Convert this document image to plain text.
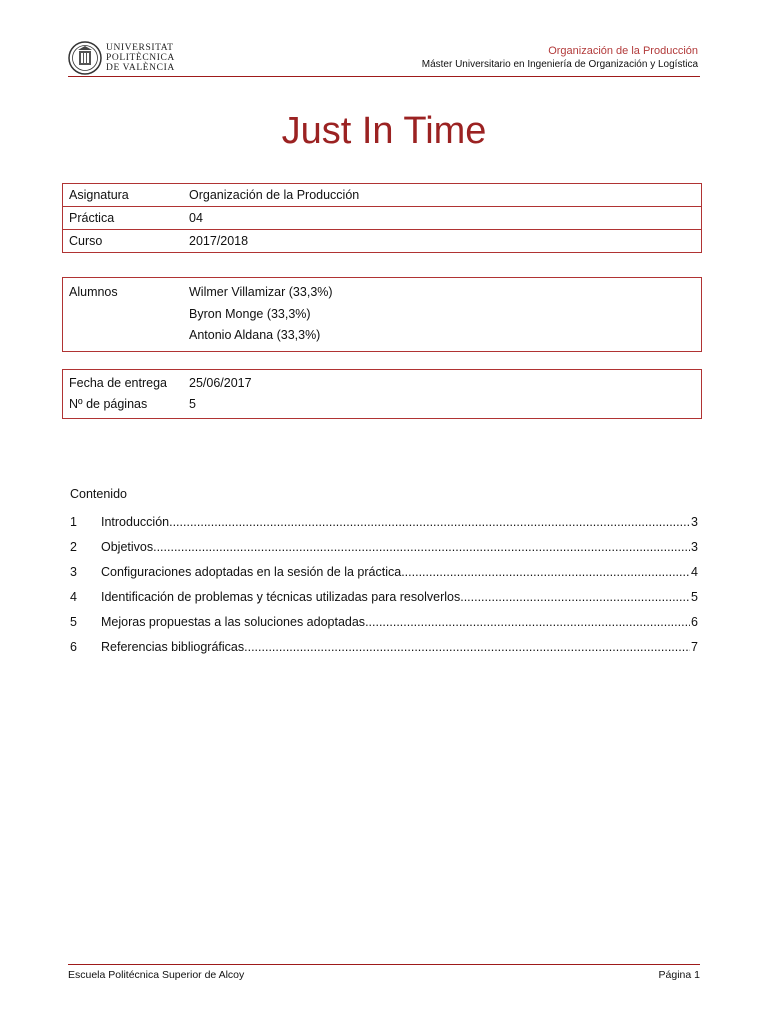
UNIVERSITAT
POLITÈCNICA
DE VALÈNCIA
Organización de la Producción
Máster Universitario en Ingeniería de Organización y Logística
Just In Time
Asignatura	Organización de la Producción
Práctica	04
Curso	2017/2018
Alumnos	Wilmer Villamizar (33,3%)
Byron Monge (33,3%)
Antonio Aldana (33,3%)
Fecha de entrega	25/06/2017
Nº de páginas	5
Contenido
1	Introducción .....	3
2	Objetivos .....	3
3	Configuraciones adoptadas en la sesión de la práctica .....	4
4	Identificación de problemas y técnicas utilizadas para resolverlos .....	5
5	Mejoras propuestas a las soluciones adoptadas .....	6
6	Referencias bibliográficas .....	7
Escuela Politécnica Superior de Alcoy	Página 1
